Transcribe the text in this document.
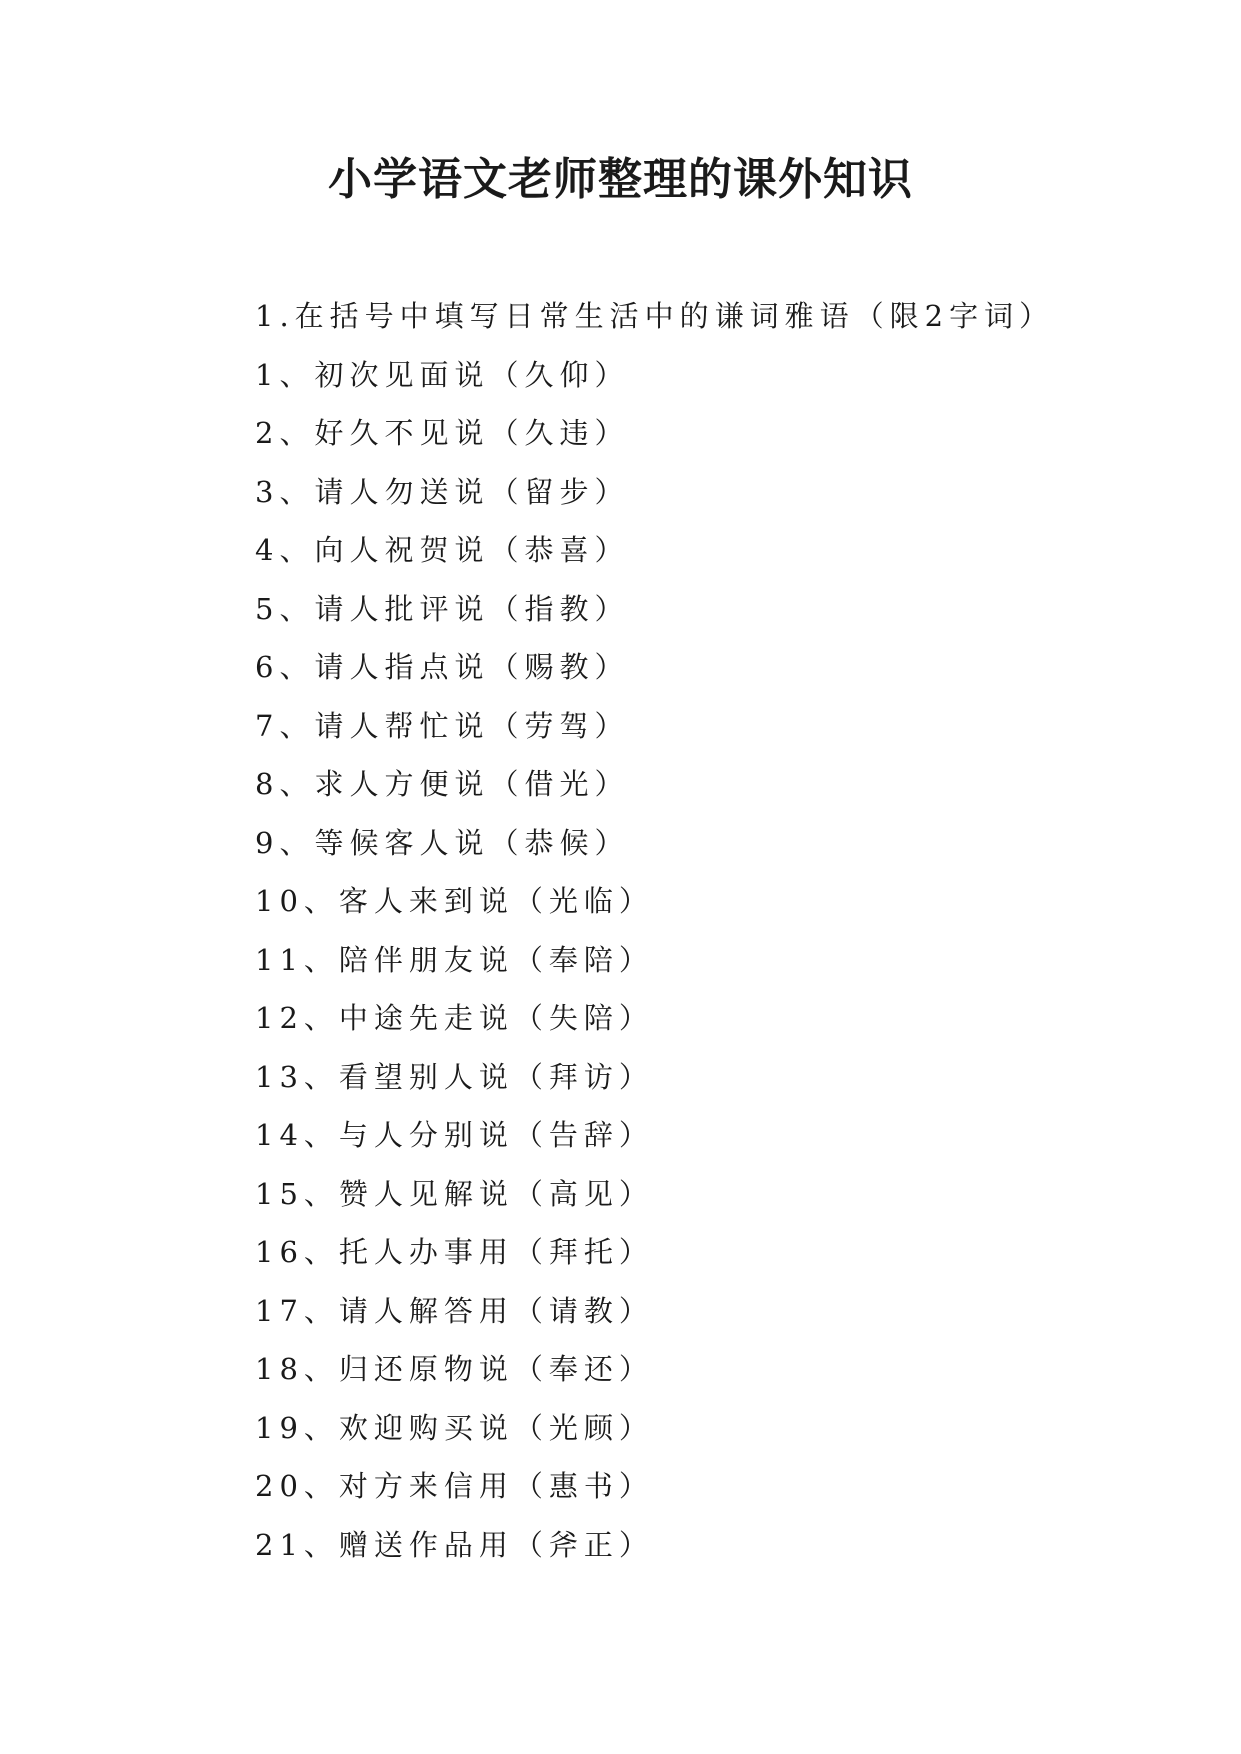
小学语文老师整理的课外知识
1.在括号中填写日常生活中的谦词雅语（限2字词）
1、初次见面说（久仰）
2、好久不见说（久违）
3、请人勿送说（留步）
4、向人祝贺说（恭喜）
5、请人批评说（指教）
6、请人指点说（赐教）
7、请人帮忙说（劳驾）
8、求人方便说（借光）
9、等候客人说（恭候）
10、客人来到说（光临）
11、陪伴朋友说（奉陪）
12、中途先走说（失陪）
13、看望别人说（拜访）
14、与人分别说（告辞）
15、赞人见解说（高见）
16、托人办事用（拜托）
17、请人解答用（请教）
18、归还原物说（奉还）
19、欢迎购买说（光顾）
20、对方来信用（惠书）
21、赠送作品用（斧正）
